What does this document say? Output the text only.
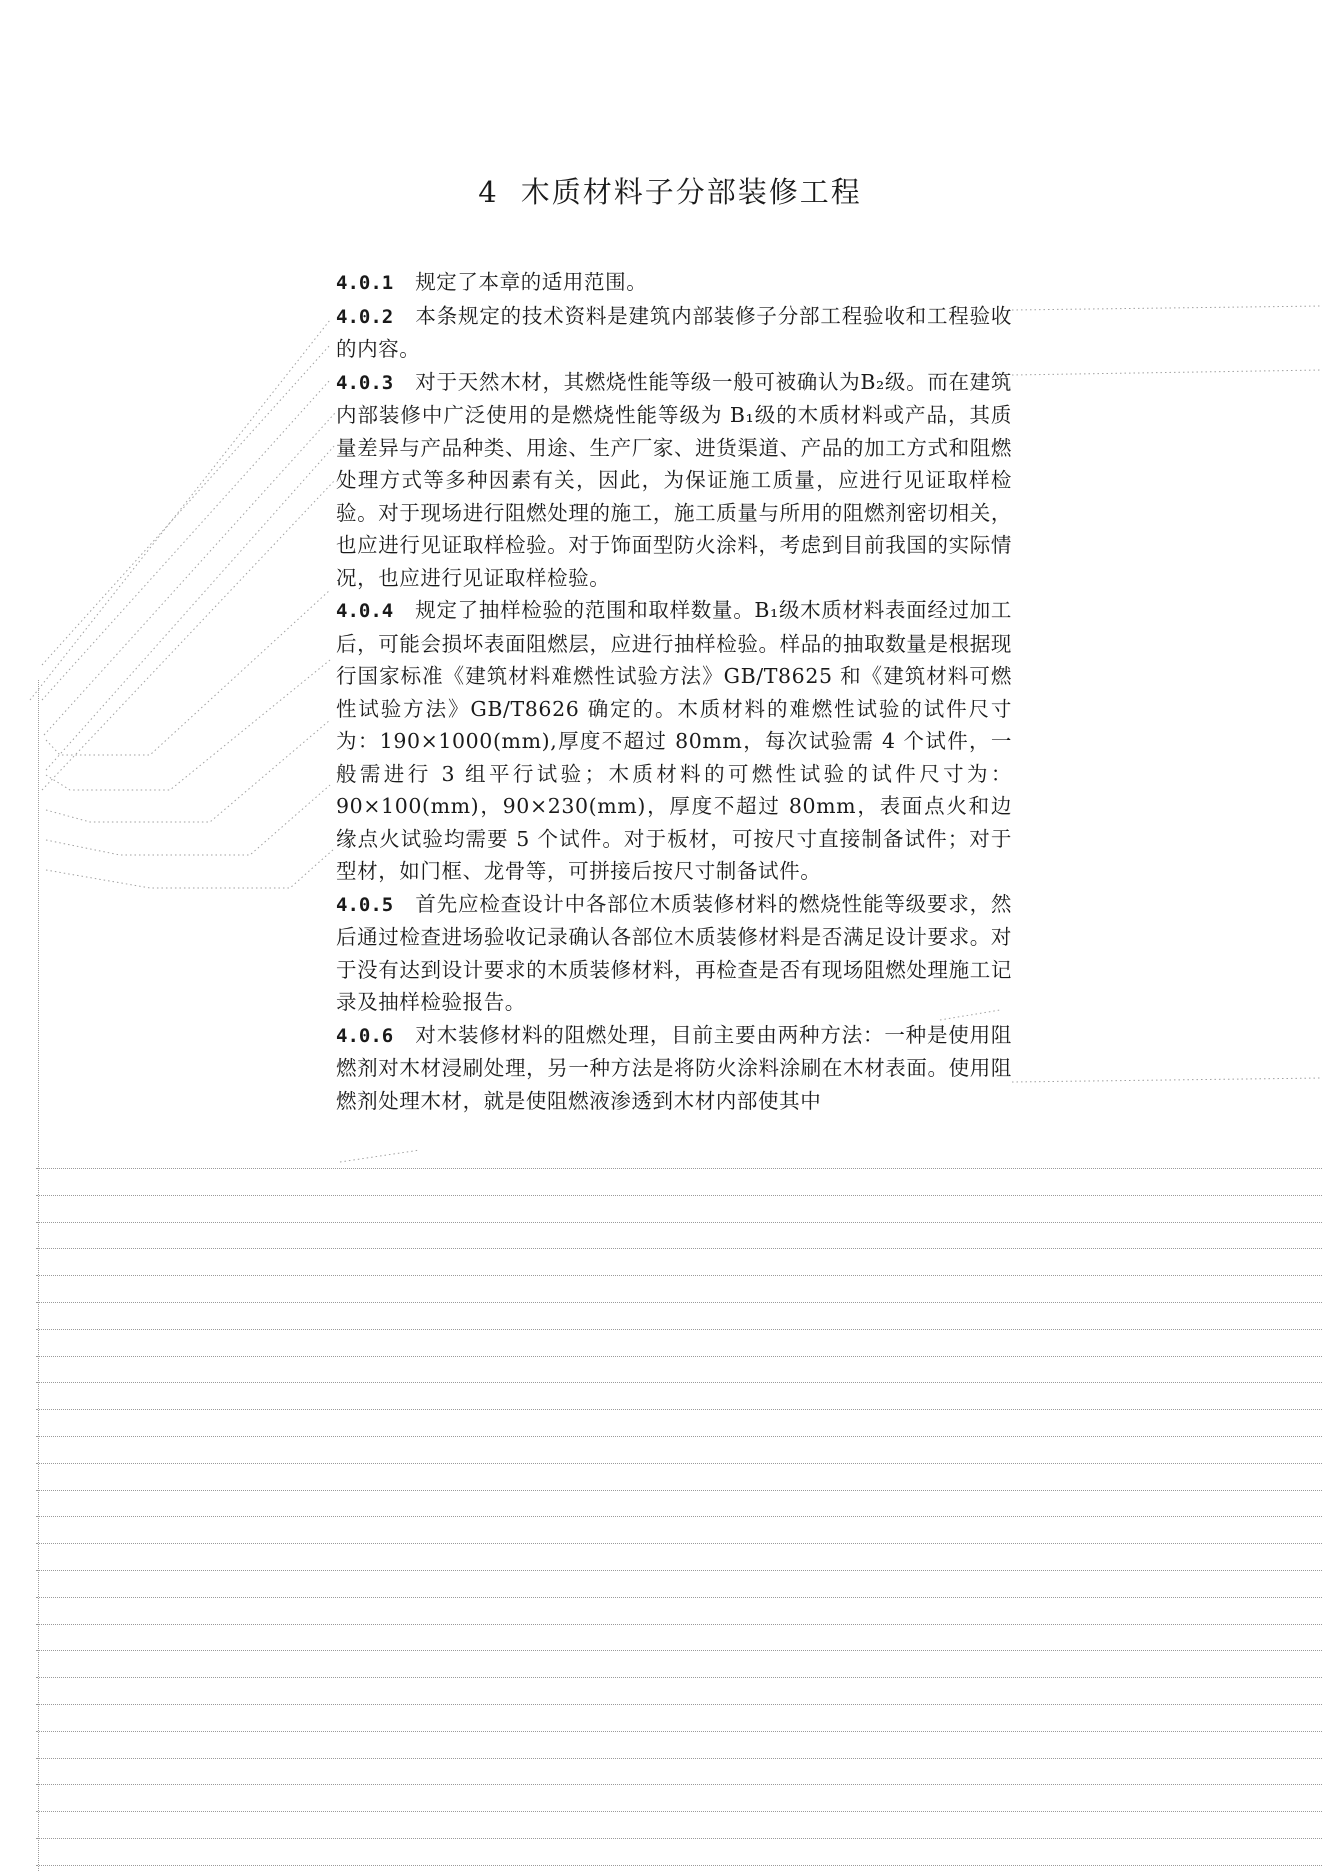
4 木质材料子分部装修工程

4.0.1 规定了本章的适用范围。

4.0.2 本条规定的技术资料是建筑内部装修子分部工程验收和工程验收的内容。

4.0.3 对于天然木材，其燃烧性能等级一般可被确认为B₂级。而在建筑内部装修中广泛使用的是燃烧性能等级为 B₁级的木质材料或产品，其质量差异与产品种类、用途、生产厂家、进货渠道、产品的加工方式和阻燃处理方式等多种因素有关，因此，为保证施工质量，应进行见证取样检验。对于现场进行阻燃处理的施工，施工质量与所用的阻燃剂密切相关，也应进行见证取样检验。对于饰面型防火涂料，考虑到目前我国的实际情况，也应进行见证取样检验。

4.0.4 规定了抽样检验的范围和取样数量。B₁级木质材料表面经过加工后，可能会损坏表面阻燃层，应进行抽样检验。样品的抽取数量是根据现行国家标准《建筑材料难燃性试验方法》GB/T8625 和《建筑材料可燃性试验方法》GB/T8626 确定的。木质材料的难燃性试验的试件尺寸为：190×1000(mm),厚度不超过 80mm，每次试验需 4 个试件，一般需进行 3 组平行试验；木质材料的可燃性试验的试件尺寸为：90×100(mm)，90×230(mm)，厚度不超过 80mm，表面点火和边缘点火试验均需要 5 个试件。对于板材，可按尺寸直接制备试件；对于型材，如门框、龙骨等，可拼接后按尺寸制备试件。

4.0.5 首先应检查设计中各部位木质装修材料的燃烧性能等级要求，然后通过检查进场验收记录确认各部位木质装修材料是否满足设计要求。对于没有达到设计要求的木质装修材料，再检查是否有现场阻燃处理施工记录及抽样检验报告。

4.0.6 对木装修材料的阻燃处理，目前主要由两种方法：一种是使用阻燃剂对木材浸刷处理，另一种方法是将防火涂料涂刷在木材表面。使用阻燃剂处理木材，就是使阻燃液渗透到木材内部使其中
